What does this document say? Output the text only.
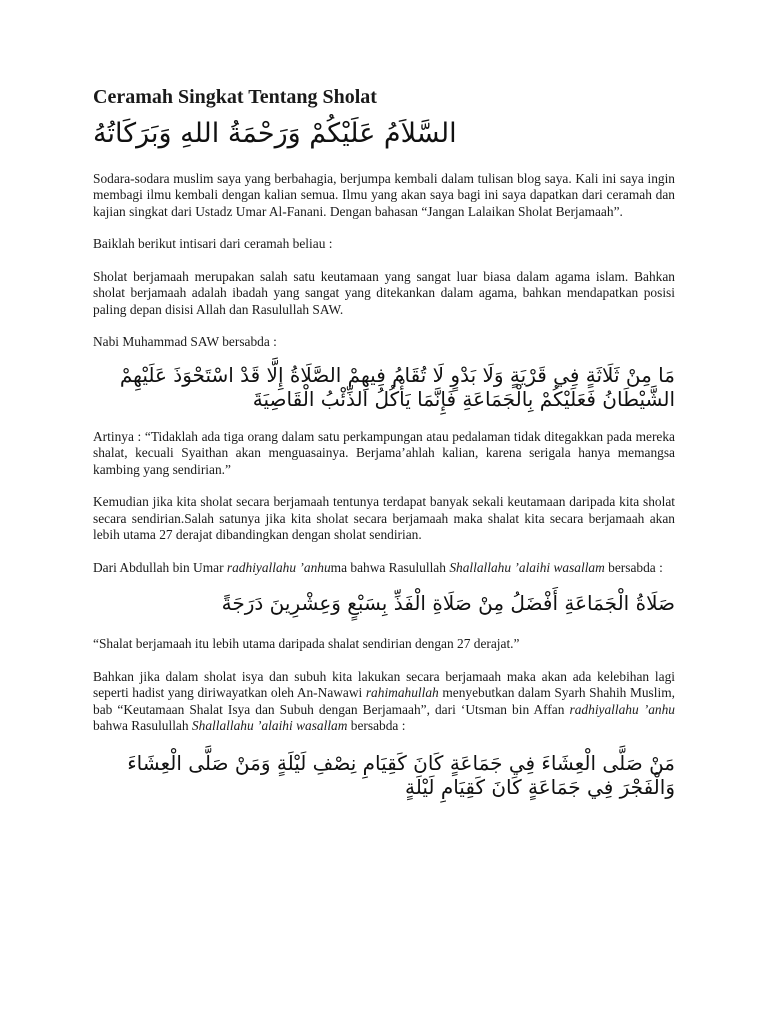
Ceramah Singkat Tentang Sholat
السَّلاَمُ عَلَيْكُمْ وَرَحْمَةُ اللهِ وَبَرَكَاتُهُ

Sodara-sodara muslim saya yang berbahagia, berjumpa kembali dalam tulisan blog saya. Kali ini saya ingin membagi ilmu kembali dengan kalian semua. Ilmu yang akan saya bagi ini saya dapatkan dari ceramah dan kajian singkat dari Ustadz Umar Al-Fanani. Dengan bahasan “Jangan Lalaikan Sholat Berjamaah”.

Baiklah berikut intisari dari ceramah beliau :

Sholat berjamaah merupakan salah satu keutamaan yang sangat luar biasa dalam agama islam. Bahkan sholat berjamaah adalah ibadah yang sangat yang ditekankan dalam agama, bahkan mendapatkan posisi paling depan disisi Allah dan Rasulullah SAW.

Nabi Muhammad SAW bersabda :

مَا مِنْ ثَلَاثَةٍ فِي قَرْيَةٍ وَلَا بَدْوٍ لَا تُقَامُ فِيهِمْ الصَّلَاةُ إِلَّا قَدْ اسْتَحْوَذَ عَلَيْهِمْ الشَّيْطَانُ فَعَلَيْكُمْ بِالْجَمَاعَةِ فَإِنَّمَا يَأْكُلُ الذِّئْبُ الْقَاصِيَةَ

Artinya : “Tidaklah ada tiga orang dalam satu perkampungan atau pedalaman tidak ditegakkan pada mereka shalat, kecuali Syaithan akan menguasainya. Berjama’ahlah kalian, karena serigala hanya memangsa kambing yang sendirian.”

Kemudian jika kita sholat secara berjamaah tentunya terdapat banyak sekali keutamaan daripada kita sholat secara sendirian.Salah satunya jika kita sholat secara berjamaah maka shalat kita secara berjamaah akan lebih utama 27 derajat dibandingkan dengan sholat sendirian.

Dari Abdullah bin Umar radhiyallahu ’anhuma bahwa Rasulullah Shallallahu ’alaihi wasallam bersabda :

صَلَاةُ الْجَمَاعَةِ أَفْضَلُ مِنْ صَلَاةِ الْفَذِّ بِسَبْعٍ وَعِشْرِينَ دَرَجَةً

“Shalat berjamaah itu lebih utama daripada shalat sendirian dengan 27 derajat.”

Bahkan jika dalam sholat isya dan subuh kita lakukan secara berjamaah maka akan ada kelebihan lagi seperti hadist yang diriwayatkan oleh An-Nawawi rahimahullah menyebutkan dalam Syarh Shahih Muslim, bab “Keutamaan Shalat Isya dan Subuh dengan Berjamaah”, dari ‘Utsman bin Affan radhiyallahu ’anhu bahwa Rasulullah Shallallahu ’alaihi wasallam bersabda :

مَنْ صَلَّى الْعِشَاءَ فِي جَمَاعَةٍ كَانَ كَقِيَامِ نِصْفِ لَيْلَةٍ وَمَنْ صَلَّى الْعِشَاءَ وَالْفَجْرَ فِي جَمَاعَةٍ كَانَ كَقِيَامِ لَيْلَةٍ
